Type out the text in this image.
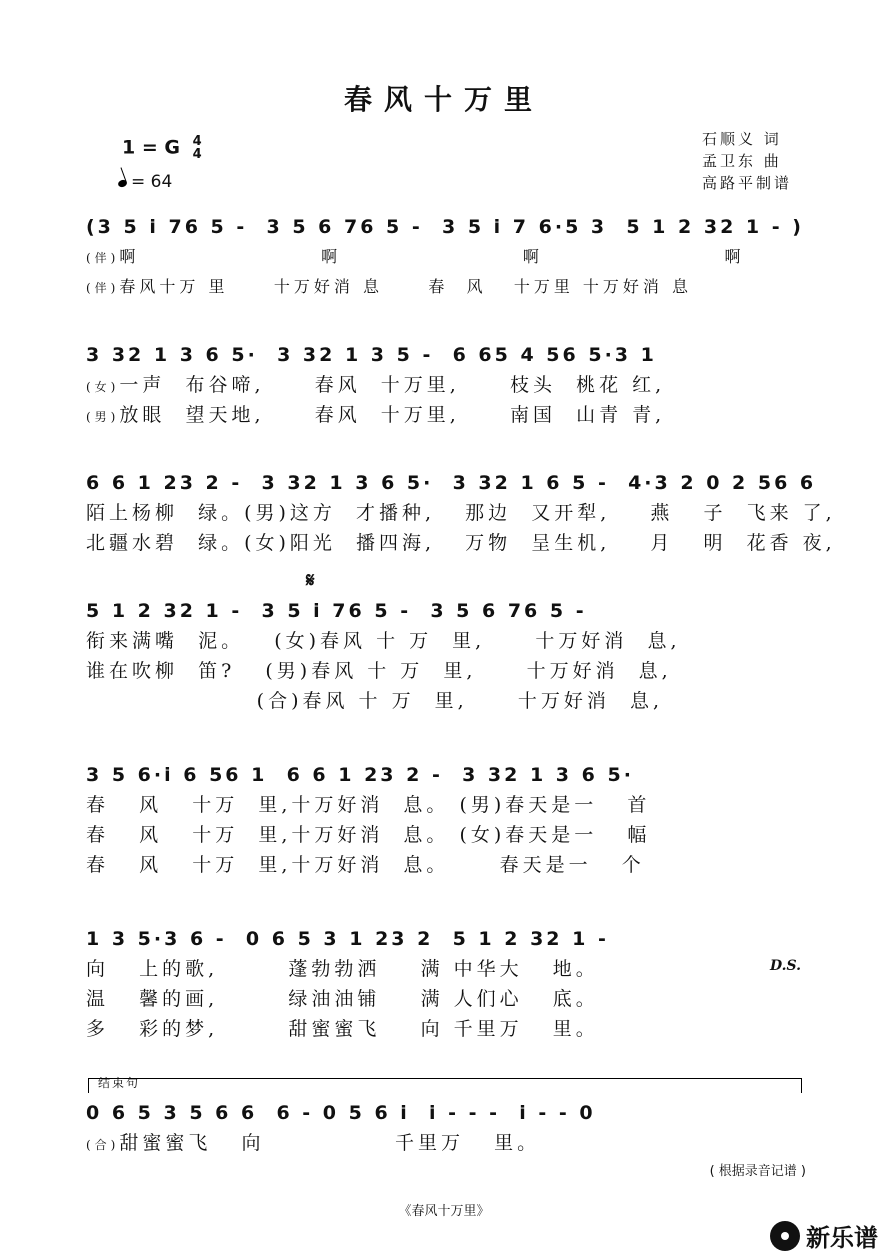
春风十万里
1 = G 4
4
= 64
石顺义 词
孟卫东 曲
高路平制谱
(3 5 i 76 5 -  3 5 6 76 5 -  3 5 i 7 6·5 3  5 1 2 32 1 - )
(伴)啊                    啊                    啊                    啊
(伴)春风十万 里     十万好消 息     春  风   十万里 十万好消 息
3 32 1 3 6 5·  3 32 1 3 5 -  6 65 4 56 5·3 1
(女)一声  布谷啼,     春风  十万里,     枝头  桃花 红,
(男)放眼  望天地,     春风  十万里,     南国  山青 青,
6 6 1 23 2 -  3 32 1 3 6 5·  3 32 1 6 5 -  4·3 2 0 2 56 6
陌上杨柳  绿。(男)这方  才播种,   那边  又开犁,    燕   子  飞来 了,
北疆水碧  绿。(女)阳光  播四海,   万物  呈生机,    月   明  花香 夜,
𝄋
5 1 2 32 1 -  3 5 i 76 5 -  3 5 6 76 5 -
衔来满嘴  泥。   (女)春风 十 万  里,     十万好消  息,
谁在吹柳  笛?   (男)春风 十 万  里,     十万好消  息,
(合)春风 十 万  里,     十万好消  息,
3 5 6·i 6 56 1  6 6 1 23 2 -  3 32 1 3 6 5·
春   风   十万  里,十万好消  息。 (男)春天是一   首
春   风   十万  里,十万好消  息。 (女)春天是一   幅
春   风   十万  里,十万好消  息。     春天是一   个
1 3 5·3 6 -  0 6 5 3 1 23 2  5 1 2 32 1 -
向   上的歌,       蓬勃勃洒    满 中华大   地。
温   馨的画,       绿油油铺    满 人们心   底。
多   彩的梦,       甜蜜蜜飞    向 千里万   里。
D.S.
结束句
0 6 5 3 5 6 6  6 - 0 5 6 i  i - - -  i - - 0
(合)甜蜜蜜飞   向             千里万   里。
( 根据录音记谱 )
《春风十万里》
新乐谱
